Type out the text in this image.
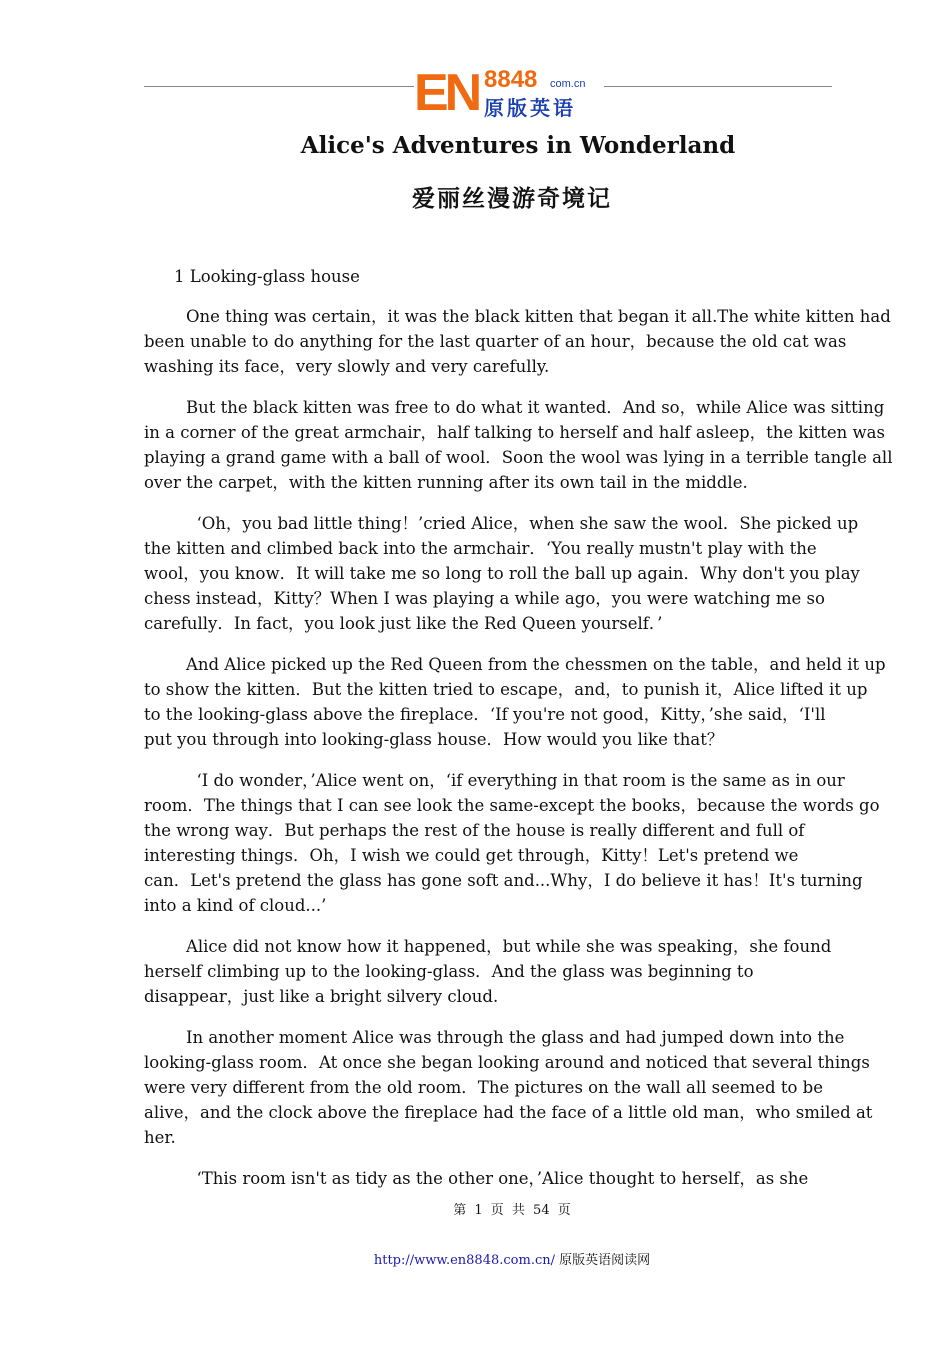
EN 8848 com.cn
原版英语
Alice's Adventures in Wonderland
爱丽丝漫游奇境记
1 Looking-glass house
One thing was certain，it was the black kitten that began it all.The white kitten had
been unable to do anything for the last quarter of an hour，because the old cat was
washing its face，very slowly and very carefully.
But the black kitten was free to do what it wanted．And so，while Alice was sitting
in a corner of the great armchair，half talking to herself and half asleep，the kitten was
playing a grand game with a ball of wool．Soon the wool was lying in a terrible tangle all
over the carpet，with the kitten running after its own tail in the middle.
‘Oh，you bad little thing！’cried Alice，when she saw the wool．She picked up
the kitten and climbed back into the armchair．‘You really mustn't play with the
wool，you know．It will take me so long to roll the ball up again．Why don't you play
chess instead，Kitty？When I was playing a while ago，you were watching me so
carefully．In fact，you look just like the Red Queen yourself．’
And Alice picked up the Red Queen from the chessmen on the table，and held it up
to show the kitten．But the kitten tried to escape，and，to punish it，Alice lifted it up
to the looking-glass above the fireplace．‘If you're not good，Kitty，’she said，‘I'll
put you through into looking-glass house．How would you like that？
‘I do wonder，’Alice went on，‘if everything in that room is the same as in our
room．The things that I can see look the same-except the books，because the words go
the wrong way．But perhaps the rest of the house is really different and full of
interesting things．Oh，I wish we could get through，Kitty！Let's pretend we
can．Let's pretend the glass has gone soft and...Why，I do believe it has！It's turning
into a kind of cloud...’
Alice did not know how it happened，but while she was speaking，she found
herself climbing up to the looking-glass．And the glass was beginning to
disappear，just like a bright silvery cloud.
In another moment Alice was through the glass and had jumped down into the
looking-glass room．At once she began looking around and noticed that several things
were very different from the old room．The pictures on the wall all seemed to be
alive，and the clock above the fireplace had the face of a little old man，who smiled at
her.
‘This room isn't as tidy as the other one，’Alice thought to herself，as she
第 1 页 共 54 页
http://www.en8848.com.cn/ 原版英语阅读网
